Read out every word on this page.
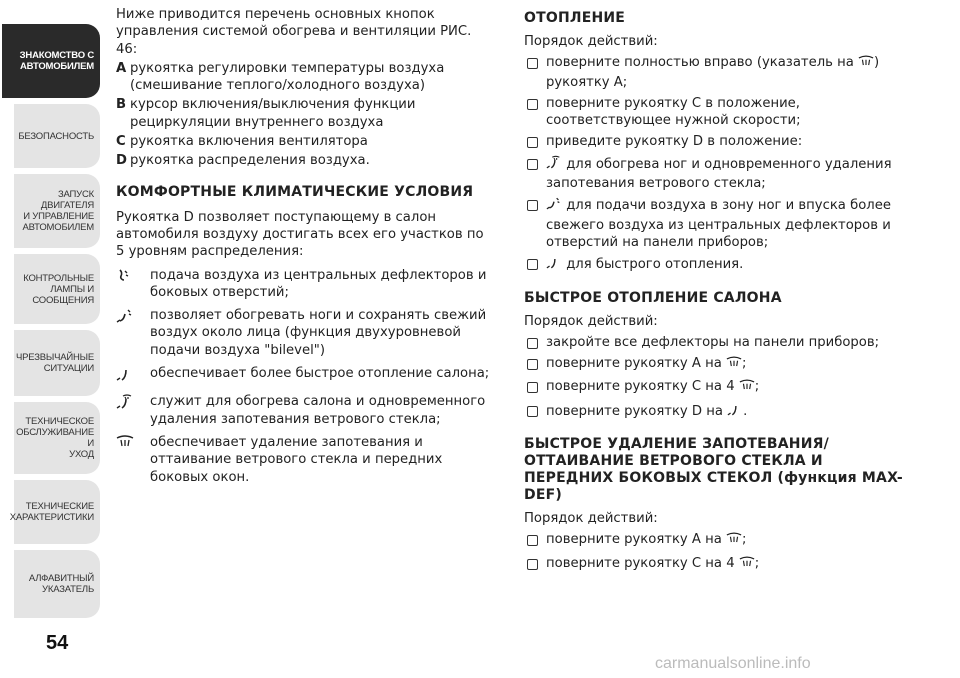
ЗНАКОМСТВО С
АВТОМОБИЛЕМ
БЕЗОПАСНОСТЬ
ЗАПУСК ДВИГАТЕЛЯ
И УПРАВЛЕНИЕ
АВТОМОБИЛЕМ
КОНТРОЛЬНЫЕ
ЛАМПЫ И
СООБЩЕНИЯ
ЧРЕЗВЫЧАЙНЫЕ
СИТУАЦИИ
ТЕХНИЧЕСКОЕ
ОБСЛУЖИВАНИЕ И
УХОД
ТЕХНИЧЕСКИЕ
ХАРАКТЕРИСТИКИ
АЛФАВИТНЫЙ
УКАЗАТЕЛЬ
54

Ниже приводится перечень основных кнопок управления системой обогрева и вентиляции РИС. 46:

A рукоятка регулировки температуры воздуха (смешивание теплого/холодного воздуха)
B курсор включения/выключения функции рециркуляции внутреннего воздуха
C рукоятка включения вентилятора
D рукоятка распределения воздуха.
КОМФОРТНЫЕ КЛИМАТИЧЕСКИЕ УСЛОВИЯ

Рукоятка D позволяет поступающему в салон автомобиля воздуху достигать всех его участков по 5 уровням распределения:

подача воздуха из центральных дефлекторов и боковых отверстий;
позволяет обогревать ноги и сохранять свежий воздух около лица (функция двухуровневой подачи воздуха "bilevel")
обеспечивает более быстрое отопление салона;
служит для обогрева салона и одновременного удаления запотевания ветрового стекла;
обеспечивает удаление запотевания и оттаивание ветрового стекла и передних боковых окон.
ОТОПЛЕНИЕ

Порядок действий:

поверните полностью вправо (указатель на ) рукоятку A;
поверните рукоятку C в положение, соответствующее нужной скорости;
приведите рукоятку D в положение:
для обогрева ног и одновременного удаления запотевания ветрового стекла;
для подачи воздуха в зону ног и впуска более свежего воздуха из центральных дефлекторов и отверстий на панели приборов;
для быстрого отопления.
БЫСТРОЕ ОТОПЛЕНИЕ САЛОНА

Порядок действий:

закройте все дефлекторы на панели приборов;
поверните рукоятку A на ;
поверните рукоятку C на 4 ;
поверните рукоятку D на .
БЫСТРОЕ УДАЛЕНИЕ ЗАПОТЕВАНИЯ/ ОТТАИВАНИЕ ВЕТРОВОГО СТЕКЛА И ПЕРЕДНИХ БОКОВЫХ СТЕКОЛ (функция MAX-DEF)

Порядок действий:

поверните рукоятку A на ;
поверните рукоятку C на 4 ;
carmanualsonline.info
